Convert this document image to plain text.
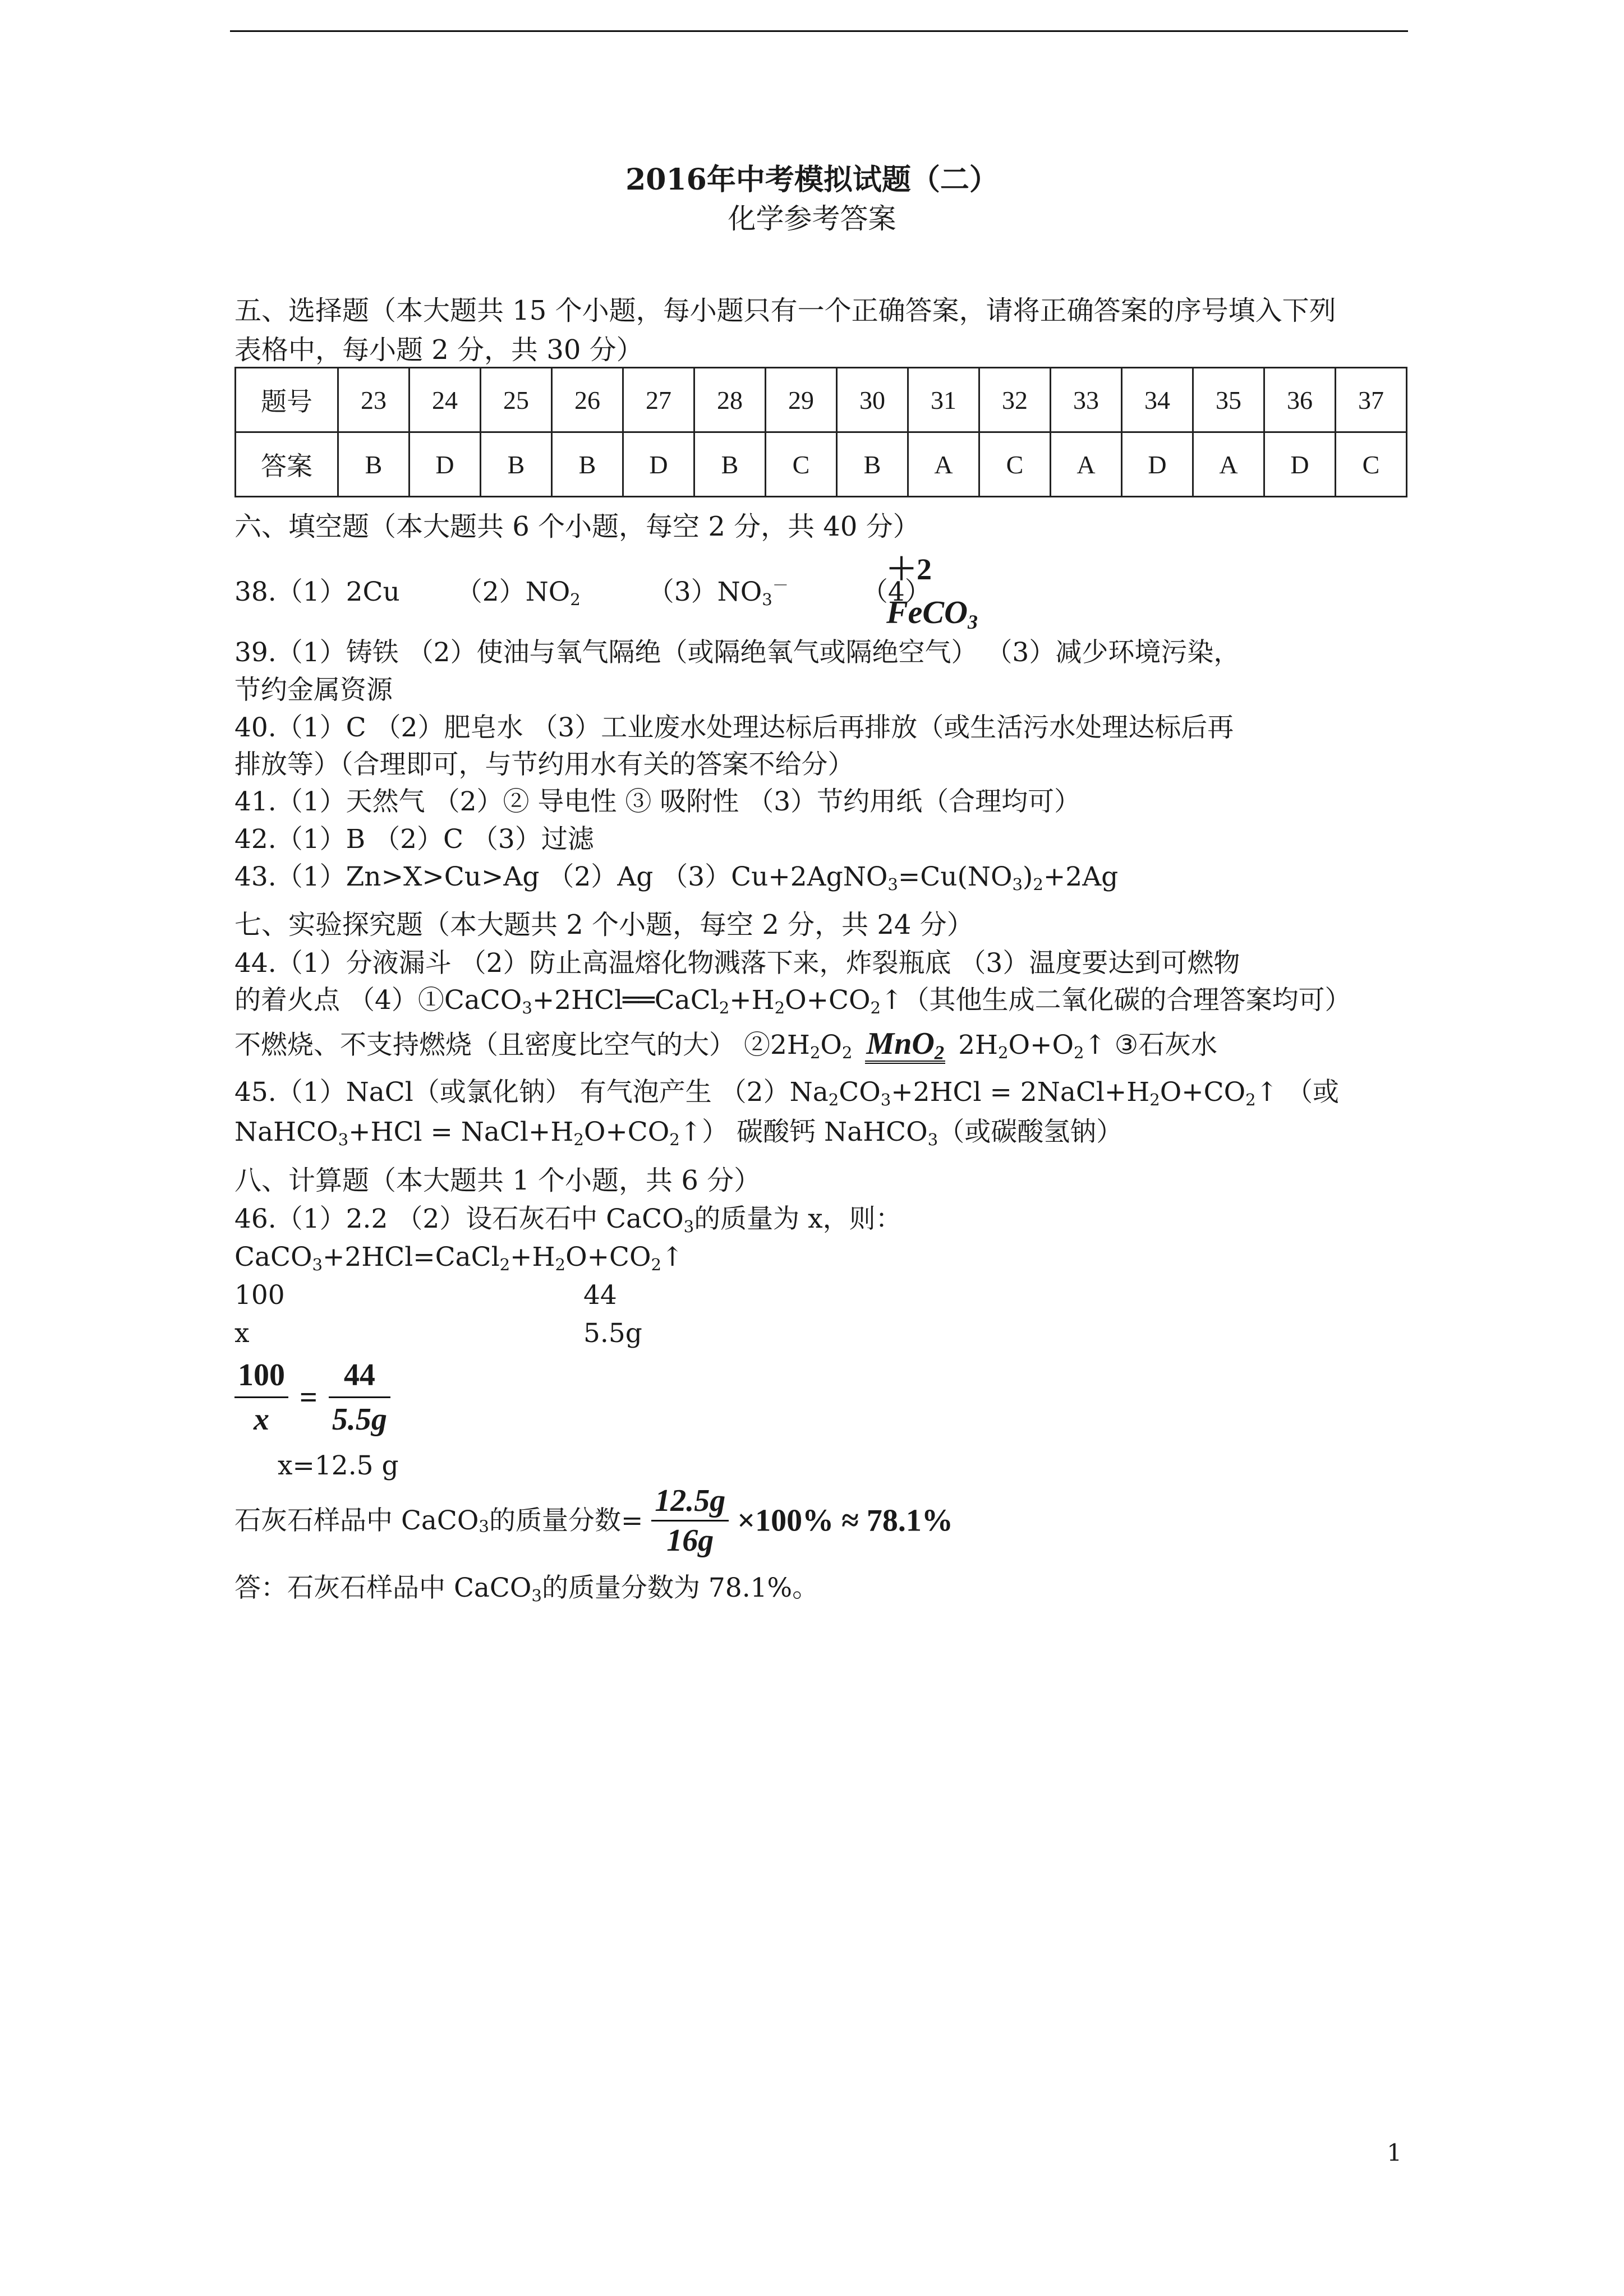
2016年中考模拟试题（二）
化学参考答案
五、选择题（本大题共 15 个小题，每小题只有一个正确答案，请将正确答案的序号填入下列
表格中，每小题 2 分，共 30 分）
题号	23	24	25	26	27	28	29	30	31	32	33	34	35	36	37
答案	B	D	B	B	D	B	C	B	A	C	A	D	A	D	C
六、填空题（本大题共 6 个小题，每空 2 分，共 40 分）
38.（1）2Cu $(2)NO_2$	$(3)NO_3^-$	（4）
＋2
FeCO$_3$
39.（1）铸铁 （2）使油与氧气隔绝（或隔绝氧气或隔绝空气） （3）减少环境污染，
节约金属资源
40.（1）C （2）肥皂水 （3）工业废水处理达标后再排放（或生活污水处理达标后再
排放等）（合理即可，与节约用水有关的答案不给分）
41.（1）天然气 （2）② 导电性 ③ 吸附性 （3）节约用纸（合理均可）
42.（1）B （2）C （3）过滤
43.（1）Zn>X>Cu>Ag （2）Ag $(3)Cu+2AgNO_3=Cu(NO_3)_2+2Ag$
七、实验探究题（本大题共 2 个小题，每空 2 分，共 24 分）
44.（1）分液漏斗 （2）防止高温熔化物溅落下来，炸裂瓶底 （3）温度要达到可燃物
的着火点 $(4)①CaCO_3+2HCl══CaCl_2+H_2O+CO_2↑$（其他生成二氧化碳的合理答案均可）
不燃烧、不支持燃烧（且密度比空气的大） $②2H_2O_2$ MnO$_2$ $2H_2O+O_2↑$ ③石灰水
45.（1）NaCl（或氯化钠） 有气泡产生 $(2)Na_2CO_3+2HCl$ = $2NaCl+H_2O+CO_2↑$ （或
NaHCO$_3$+HCl = $NaCl+H_2O+CO_2↑$） 碳酸钙 NaHCO$_3$（或碳酸氢钠）
八、计算题（本大题共 1 个小题，共 6 分）
46.（1）2.2 （2）设石灰石中 CaCO$_3$的质量为 x，则：
$CaCO_3+2HCl=CaCl_2+H_2O+CO_2↑$
100	44
x	5.5g
$\frac{100}{x} = \frac{44}{5.5g}$
x=12.5 g
石灰石样品中 CaCO$_3$的质量分数= $\frac{12.5g}{16g} \times 100\% \approx 78.1\%$
答：石灰石样品中 CaCO$_3$的质量分数为 78.1%。
1
